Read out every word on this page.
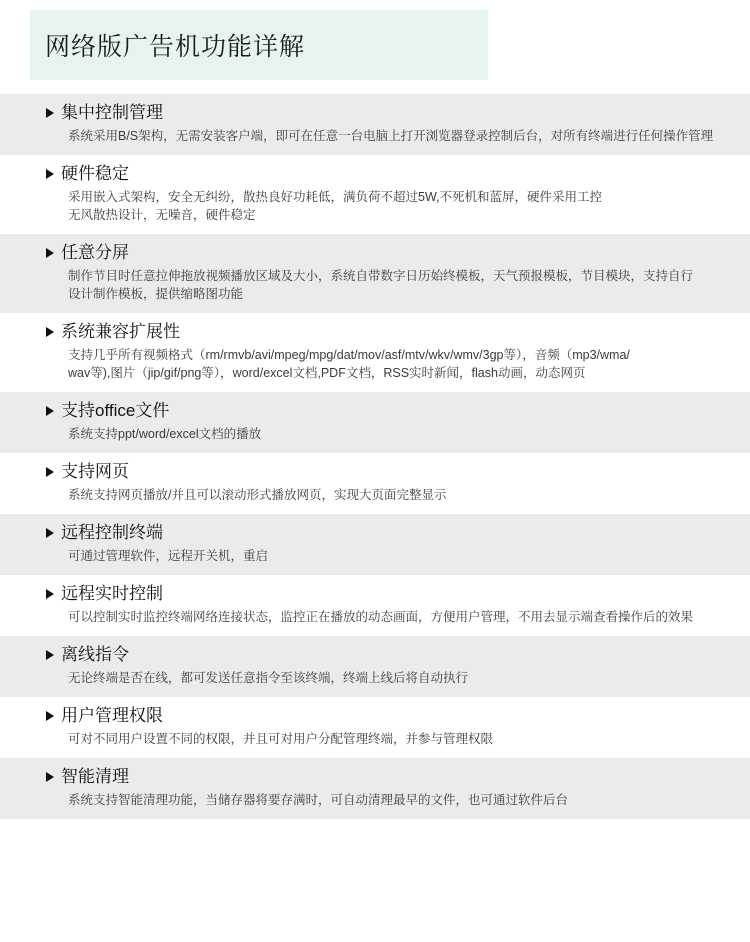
网络版广告机功能详解
集中控制管理
系统采用B/S架构，无需安装客户端，即可在任意一台电脑上打开浏览器登录控制后台，对所有终端进行任何操作管理
硬件稳定
采用嵌入式架构，安全无纠纷，散热良好功耗低，满负荷不超过5W,不死机和蓝屏，硬件采用工控
无风散热设计，无噪音，硬件稳定
任意分屏
制作节目时任意拉伸拖放视频播放区域及大小，系统自带数字日历始终模板，天气预报模板，节目模块，支持自行
设计制作模板，提供缩略图功能
系统兼容扩展性
支持几乎所有视频格式（rm/rmvb/avi/mpeg/mpg/dat/mov/asf/mtv/wkv/wmv/3gp等），音频（mp3/wma/
wav等),图片（jip/gif/png等），word/excel文档,PDF文档，RSS实时新闻，flash动画，动态网页
支持office文件
系统支持ppt/word/excel文档的播放
支持网页
系统支持网页播放/并且可以滚动形式播放网页，实现大页面完整显示
远程控制终端
可通过管理软件，远程开关机，重启
远程实时控制
可以控制实时监控终端网络连接状态，监控正在播放的动态画面，方便用户管理，不用去显示端查看操作后的效果
离线指令
无论终端是否在线，都可发送任意指令至该终端，终端上线后将自动执行
用户管理权限
可对不同用户设置不同的权限，并且可对用户分配管理终端，并参与管理权限
智能清理
系统支持智能清理功能，当储存器将要存满时，可自动清理最早的文件，也可通过软件后台
